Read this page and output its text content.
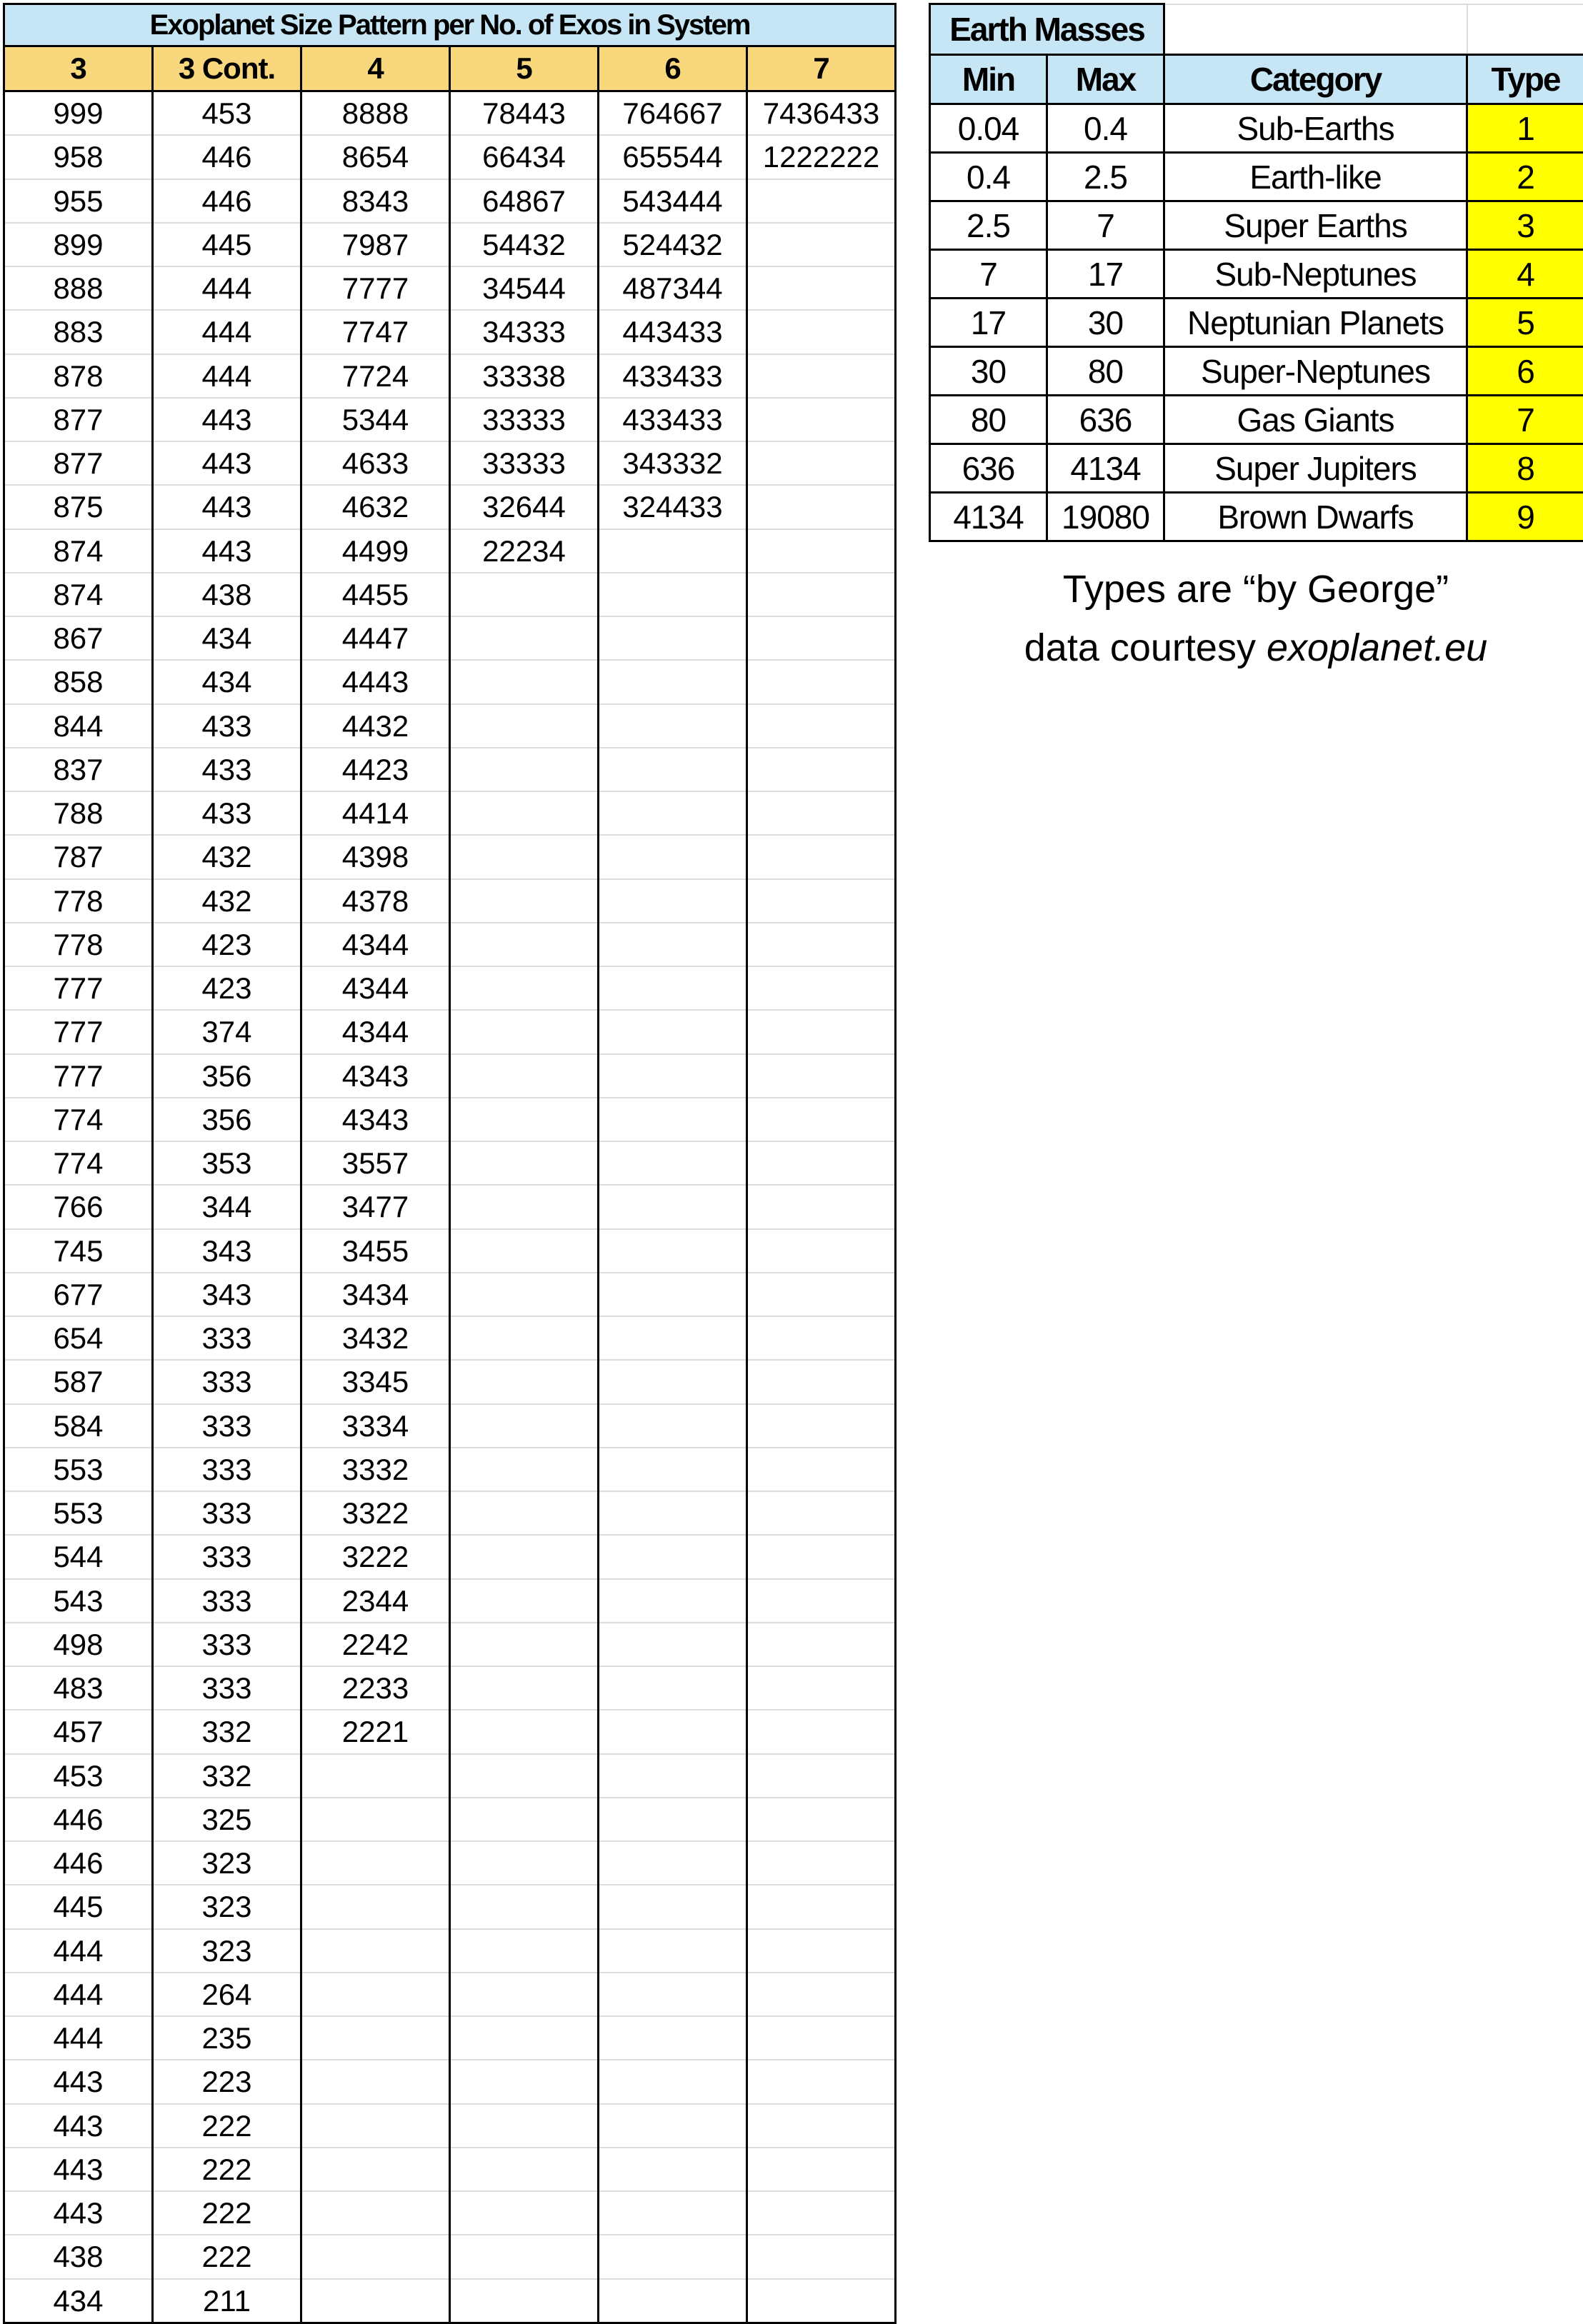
Exoplanet Size Pattern per No. of Exos in System					
3	3 Cont.	4	5	6	7
999	453	8888	78443	764667	7436433
958	446	8654	66434	655544	1222222
955	446	8343	64867	543444	
899	445	7987	54432	524432	
888	444	7777	34544	487344	
883	444	7747	34333	443433	
878	444	7724	33338	433433	
877	443	5344	33333	433433	
877	443	4633	33333	343332	
875	443	4632	32644	324433	
874	443	4499	22234		
874	438	4455			
867	434	4447			
858	434	4443			
844	433	4432			
837	433	4423			
788	433	4414			
787	432	4398			
778	432	4378			
778	423	4344			
777	423	4344			
777	374	4344			
777	356	4343			
774	356	4343			
774	353	3557			
766	344	3477			
745	343	3455			
677	343	3434			
654	333	3432			
587	333	3345			
584	333	3334			
553	333	3332			
553	333	3322			
544	333	3222			
543	333	2344			
498	333	2242			
483	333	2233			
457	332	2221			
453	332				
446	325				
446	323				
445	323				
444	323				
444	264				
444	235				
443	223				
443	222				
443	222				
443	222				
438	222				
434	211				
Earth Masses			
Min	Max	Category	Type
0.04	0.4	Sub-Earths	1
0.4	2.5	Earth-like	2
2.5	7	Super Earths	3
7	17	Sub-Neptunes	4
17	30	Neptunian Planets	5
30	80	Super-Neptunes	6
80	636	Gas Giants	7
636	4134	Super Jupiters	8
4134	19080	Brown Dwarfs	9
Types are “by George”
data courtesy exoplanet.eu
